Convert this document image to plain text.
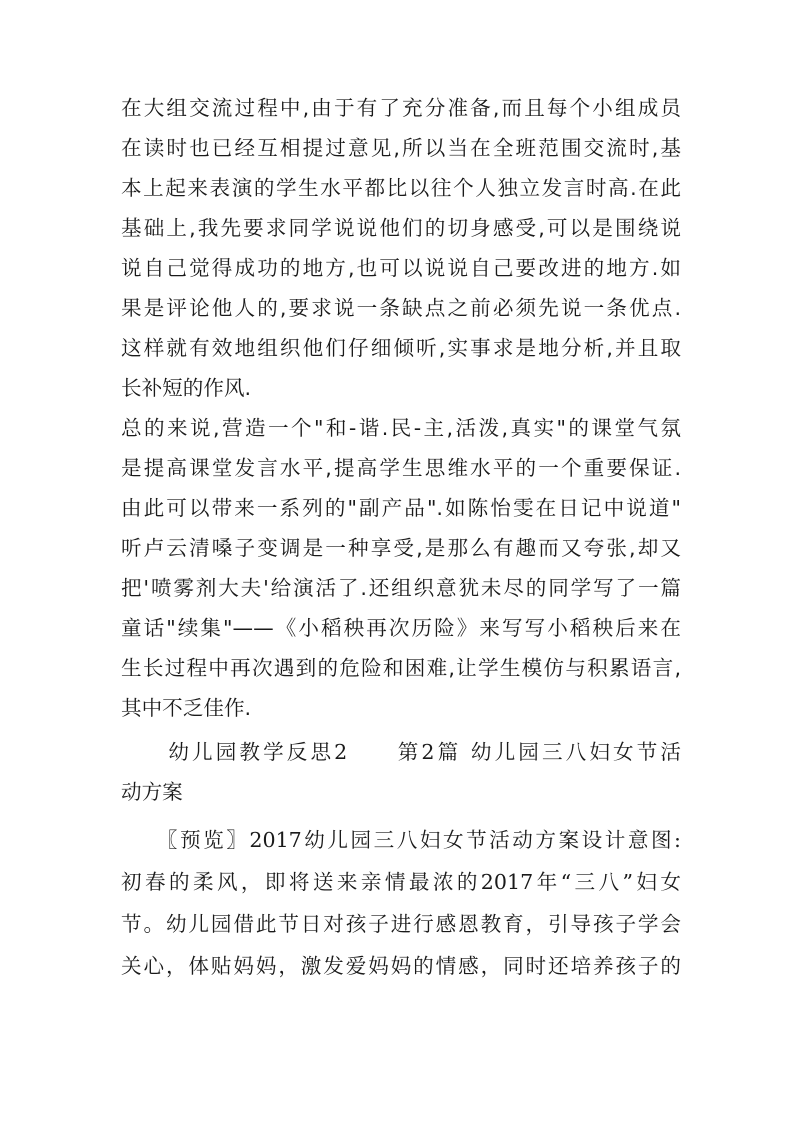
在大组交流过程中,由于有了充分准备,而且每个小组成员
在读时也已经互相提过意见,所以当在全班范围交流时,基
本上起来表演的学生水平都比以往个人独立发言时高.在此
基础上,我先要求同学说说他们的切身感受,可以是围绕说
说自己觉得成功的地方,也可以说说自己要改进的地方.如
果是评论他人的,要求说一条缺点之前必须先说一条优点.
这样就有效地组织他们仔细倾听,实事求是地分析,并且取
长补短的作风.
总的来说,营造一个"和-谐.民-主,活泼,真实"的课堂气氛
是提高课堂发言水平,提高学生思维水平的一个重要保证.
由此可以带来一系列的"副产品".如陈怡雯在日记中说道"
听卢云清嗓子变调是一种享受,是那么有趣而又夸张,却又
把'喷雾剂大夫'给演活了.还组织意犹未尽的同学写了一篇
童话"续集"——《小稻秧再次历险》来写写小稻秧后来在
生长过程中再次遇到的危险和困难,让学生模仿与积累语言,
其中不乏佳作.
　　幼儿园教学反思2　　第2篇 幼儿园三八妇女节活
动方案
　　〖预览〗2017幼儿园三八妇女节活动方案设计意图:
初春的柔风，即将送来亲情最浓的2017年“三八”妇女
节。幼儿园借此节日对孩子进行感恩教育，引导孩子学会
关心，体贴妈妈，激发爱妈妈的情感，同时还培养孩子的
